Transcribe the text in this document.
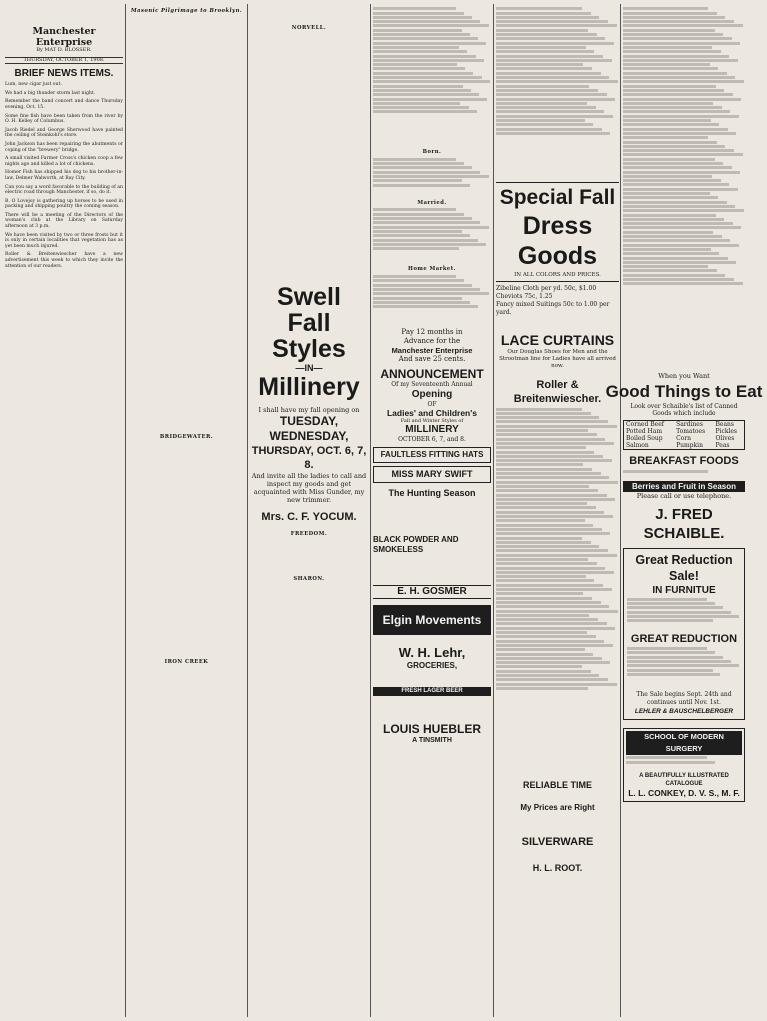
Manchester Enterprise
By MAT D. BLOSSER.
THURSDAY, OCTOBER 1, 1908.
BRIEF NEWS ITEMS.
Lum, new cigar just out.
We had a big thunder storm last night.
Remember the band concert and dance Thursday evening, Oct. 15.
Some fine fish have been taken from the river by O. H. Kelley of Columbus.
Jacob Riedel and George Sherwood have painted the ceiling of Steinkohl's store.
John Jackson has been repairing the abutments or coping of the "brewery" bridge.
A small visited Farmer Cross's chicken coop a few nights ago and killed a lot of chickens.
Homer Fish has shipped his dog to his brother-in-law, Delmer Walworth, at Bay City.
Can you say a word favorable to the building of an electric road through Manchester, if so, do it.
B. O Lovejoy is gathering up horses to be used in packing and shipping poultry the coming season.
There will be a meeting of the Directors of the woman's club at the Library on Saturday afternoon at 3 p.m.
We have been visited by two or three frosts but it is only in certain localities that vegetation has as yet been much injured.
Roller & Breitenwiescher have a new advertisement this week to which they invite the attention of our readers.
Masonic Pilgrimage to Brooklyn.
BRIDGEWATER.
IRON CREEK
NORVELL.
Swell
Fall Styles
—IN—
Millinery
I shall have my fall opening on
TUESDAY, WEDNESDAY,
THURSDAY, OCT. 6, 7, 8.
And invite all the ladies to call and inspect my goods and get acquainted with Miss Gunder, my new trimmer.
Mrs. C. F. YOCUM.
FREEDOM.
SHARON.
Born.
Married.
Home Market.
Pay 12 months in
Advance for the
Manchester Enterprise
And save 25 cents.
ANNOUNCEMENT
Of my Seventeenth Annual
Opening
OF
Ladies' and Children's
Fall and Winter Styles of
MILLINERY
OCTOBER 6, 7, and 8.
FAULTLESS FITTING HATS
MISS MARY SWIFT
The Hunting Season
BLACK POWDER AND SMOKELESS
E. H. GOSMER
Elgin Movements
W. H. Lehr,
GROCERIES,
FRESH LAGER BEER
LOUIS HUEBLER
A TINSMITH
Special Fall
Dress Goods
IN ALL COLORS AND PRICES.
Zibeline Cloth per yd. 50c, $1.00
Cheviots 75c, 1.25
Fancy mixed Suitings 50c to 1.00 per yard.
LACE CURTAINS
Our Douglas Shoes for Men and the Strootman line for Ladies have all arrived now.
Roller & Breitenwiescher.
RELIABLE TIME
My Prices are Right
SILVERWARE
H. L. ROOT.
When you Want
Good Things to Eat
Look over Schaible's list of Canned Goods which include
Corned Beef	Sardines	Beans
Potted Ham	Tomatoes	Pickles
Boiled Soup	Corn	Olives
Salmon	Pumpkin	Peas
BREAKFAST FOODS
Berries and Fruit in Season
Please call or use telephone.
J. FRED SCHAIBLE.
Great Reduction Sale!
IN FURNITUE
GREAT REDUCTION
The Sale begins Sept. 24th and continues until Nov. 1st.
LEHLER & BAUSCHELBERGER
SCHOOL OF MODERN SURGERY
A BEAUTIFULLY ILLUSTRATED CATALOGUE
L. L. CONKEY, D. V. S., M. F.
